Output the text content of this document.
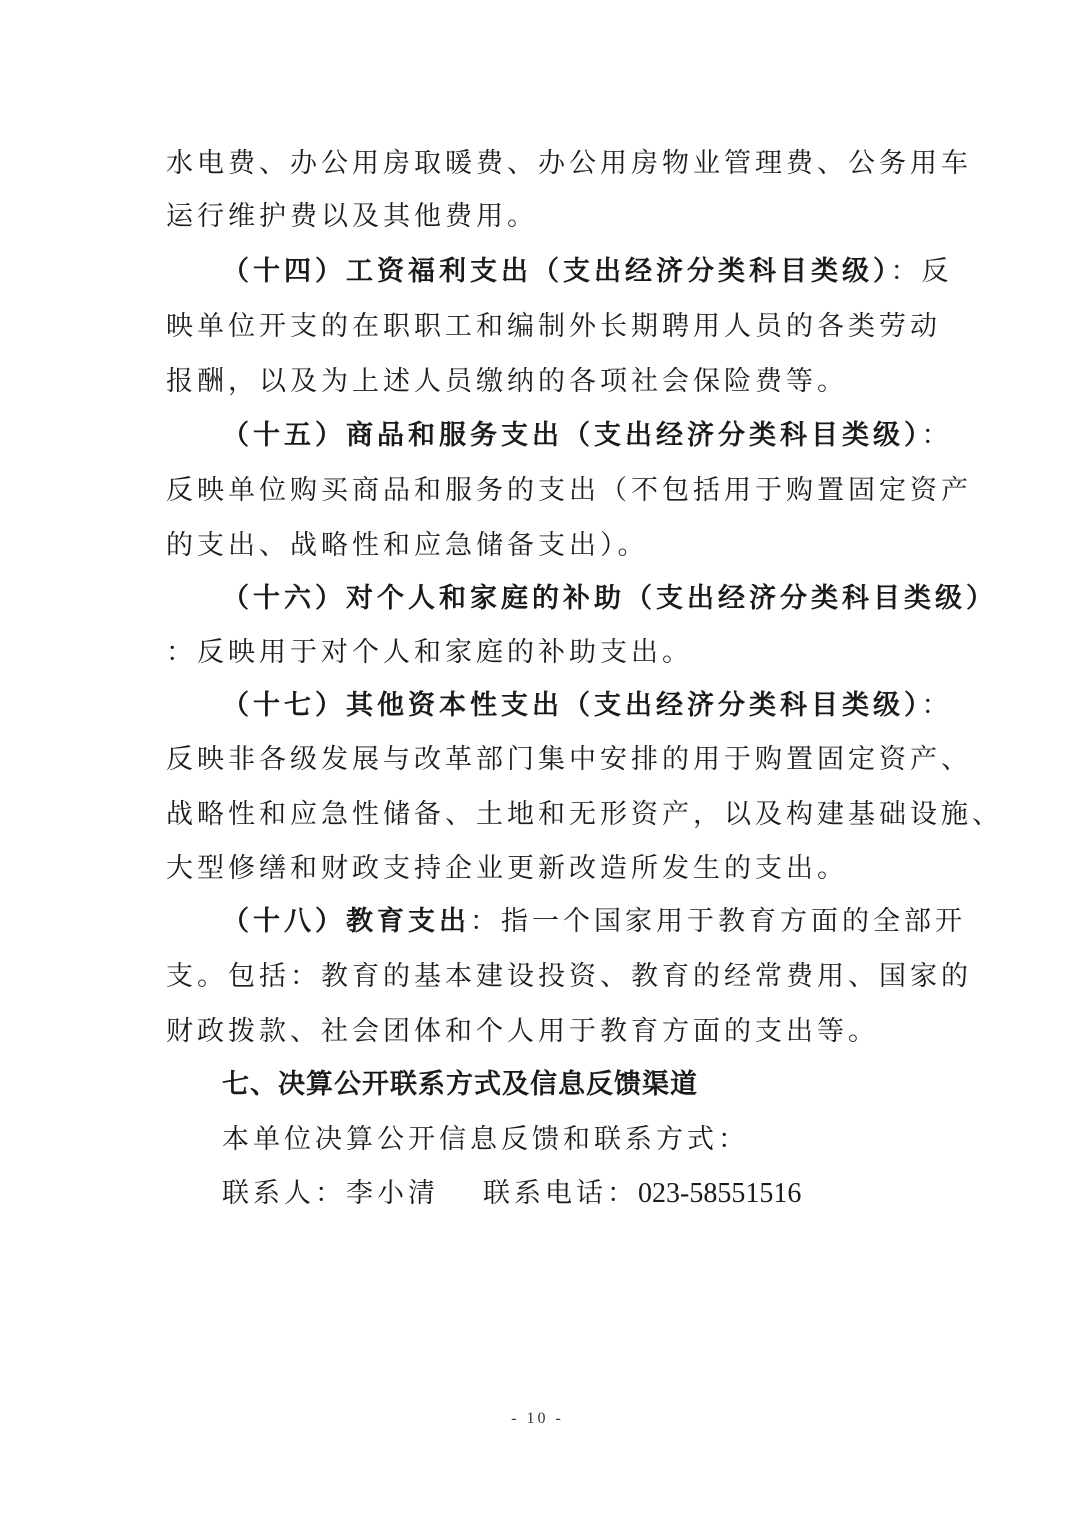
水电费、办公用房取暖费、办公用房物业管理费、公务用车
运行维护费以及其他费用。
（十四）工资福利支出（支出经济分类科目类级）：反
映单位开支的在职职工和编制外长期聘用人员的各类劳动
报酬，以及为上述人员缴纳的各项社会保险费等。
（十五）商品和服务支出（支出经济分类科目类级）：
反映单位购买商品和服务的支出（不包括用于购置固定资产
的支出、战略性和应急储备支出）。
（十六）对个人和家庭的补助（支出经济分类科目类级）
：反映用于对个人和家庭的补助支出。
（十七）其他资本性支出（支出经济分类科目类级）：
反映非各级发展与改革部门集中安排的用于购置固定资产、
战略性和应急性储备、土地和无形资产，以及构建基础设施、
大型修缮和财政支持企业更新改造所发生的支出。
（十八）教育支出：指一个国家用于教育方面的全部开
支。包括：教育的基本建设投资、教育的经常费用、国家的
财政拨款、社会团体和个人用于教育方面的支出等。
七、决算公开联系方式及信息反馈渠道
本单位决算公开信息反馈和联系方式：
联系人：李小清 联系电话：023-58551516
- 10 -
